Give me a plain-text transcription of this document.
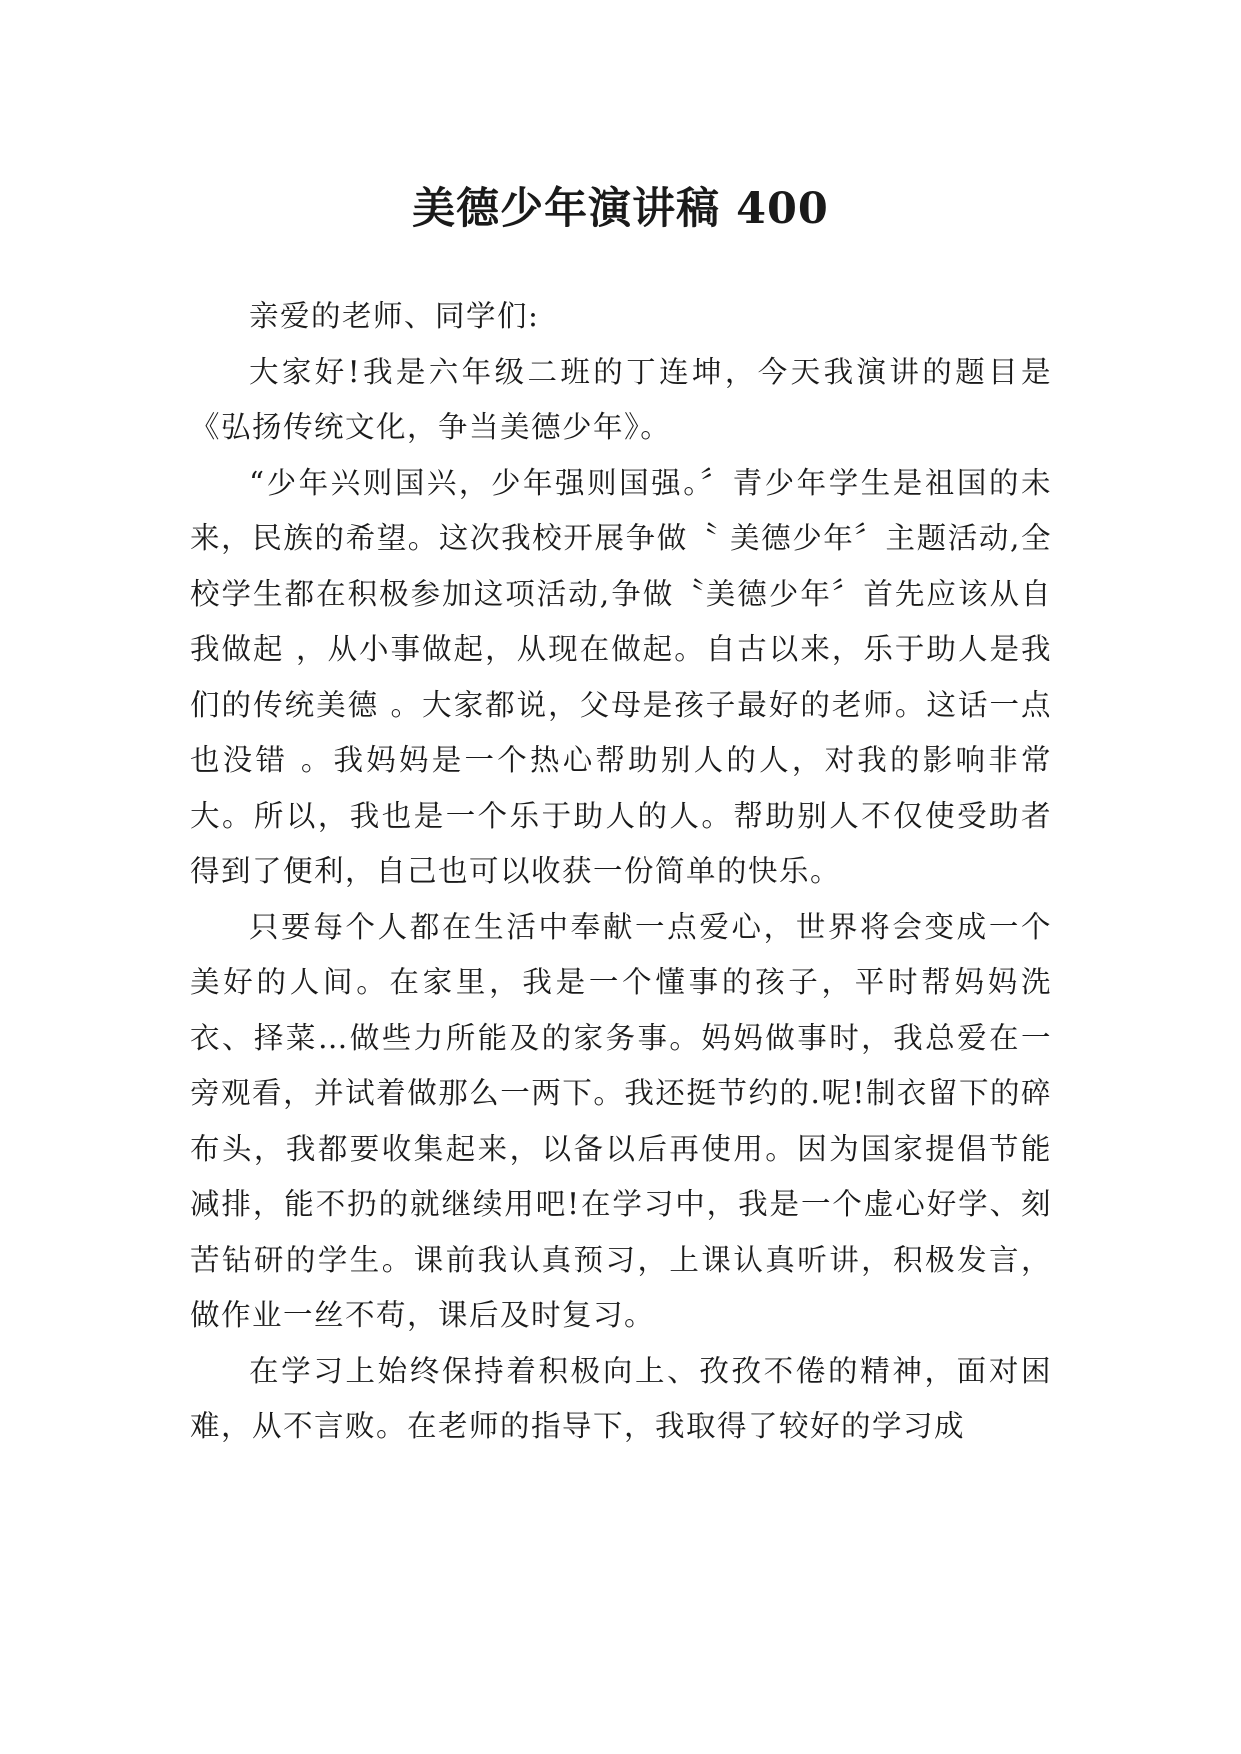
美德少年演讲稿 400

亲爱的老师、同学们:

大家好!我是六年级二班的丁连坤，今天我演讲的题目是《弘扬传统文化，争当美德少年》。

“少年兴则国兴，少年强则国强。〞青少年学生是祖国的未来，民族的希望。这次我校开展争做〝 美德少年〞主题活动,全校学生都在积极参加这项活动,争做〝美德少年〞首先应该从自我做起 ，从小事做起，从现在做起。自古以来，乐于助人是我们的传统美德 。大家都说，父母是孩子最好的老师。这话一点也没错 。我妈妈是一个热心帮助别人的人，对我的影响非常大。所以，我也是一个乐于助人的人。帮助别人不仅使受助者得到了便利，自己也可以收获一份简单的快乐。

只要每个人都在生活中奉献一点爱心，世界将会变成一个美好的人间。在家里，我是一个懂事的孩子，平时帮妈妈洗衣、择菜…做些力所能及的家务事。妈妈做事时，我总爱在一旁观看，并试着做那么一两下。我还挺节约的.呢!制衣留下的碎布头，我都要收集起来，以备以后再使用。因为国家提倡节能减排，能不扔的就继续用吧!在学习中，我是一个虚心好学、刻苦钻研的学生。课前我认真预习，上课认真听讲，积极发言，做作业一丝不苟，课后及时复习。

在学习上始终保持着积极向上、孜孜不倦的精神，面对困难，从不言败。在老师的指导下，我取得了较好的学习成
